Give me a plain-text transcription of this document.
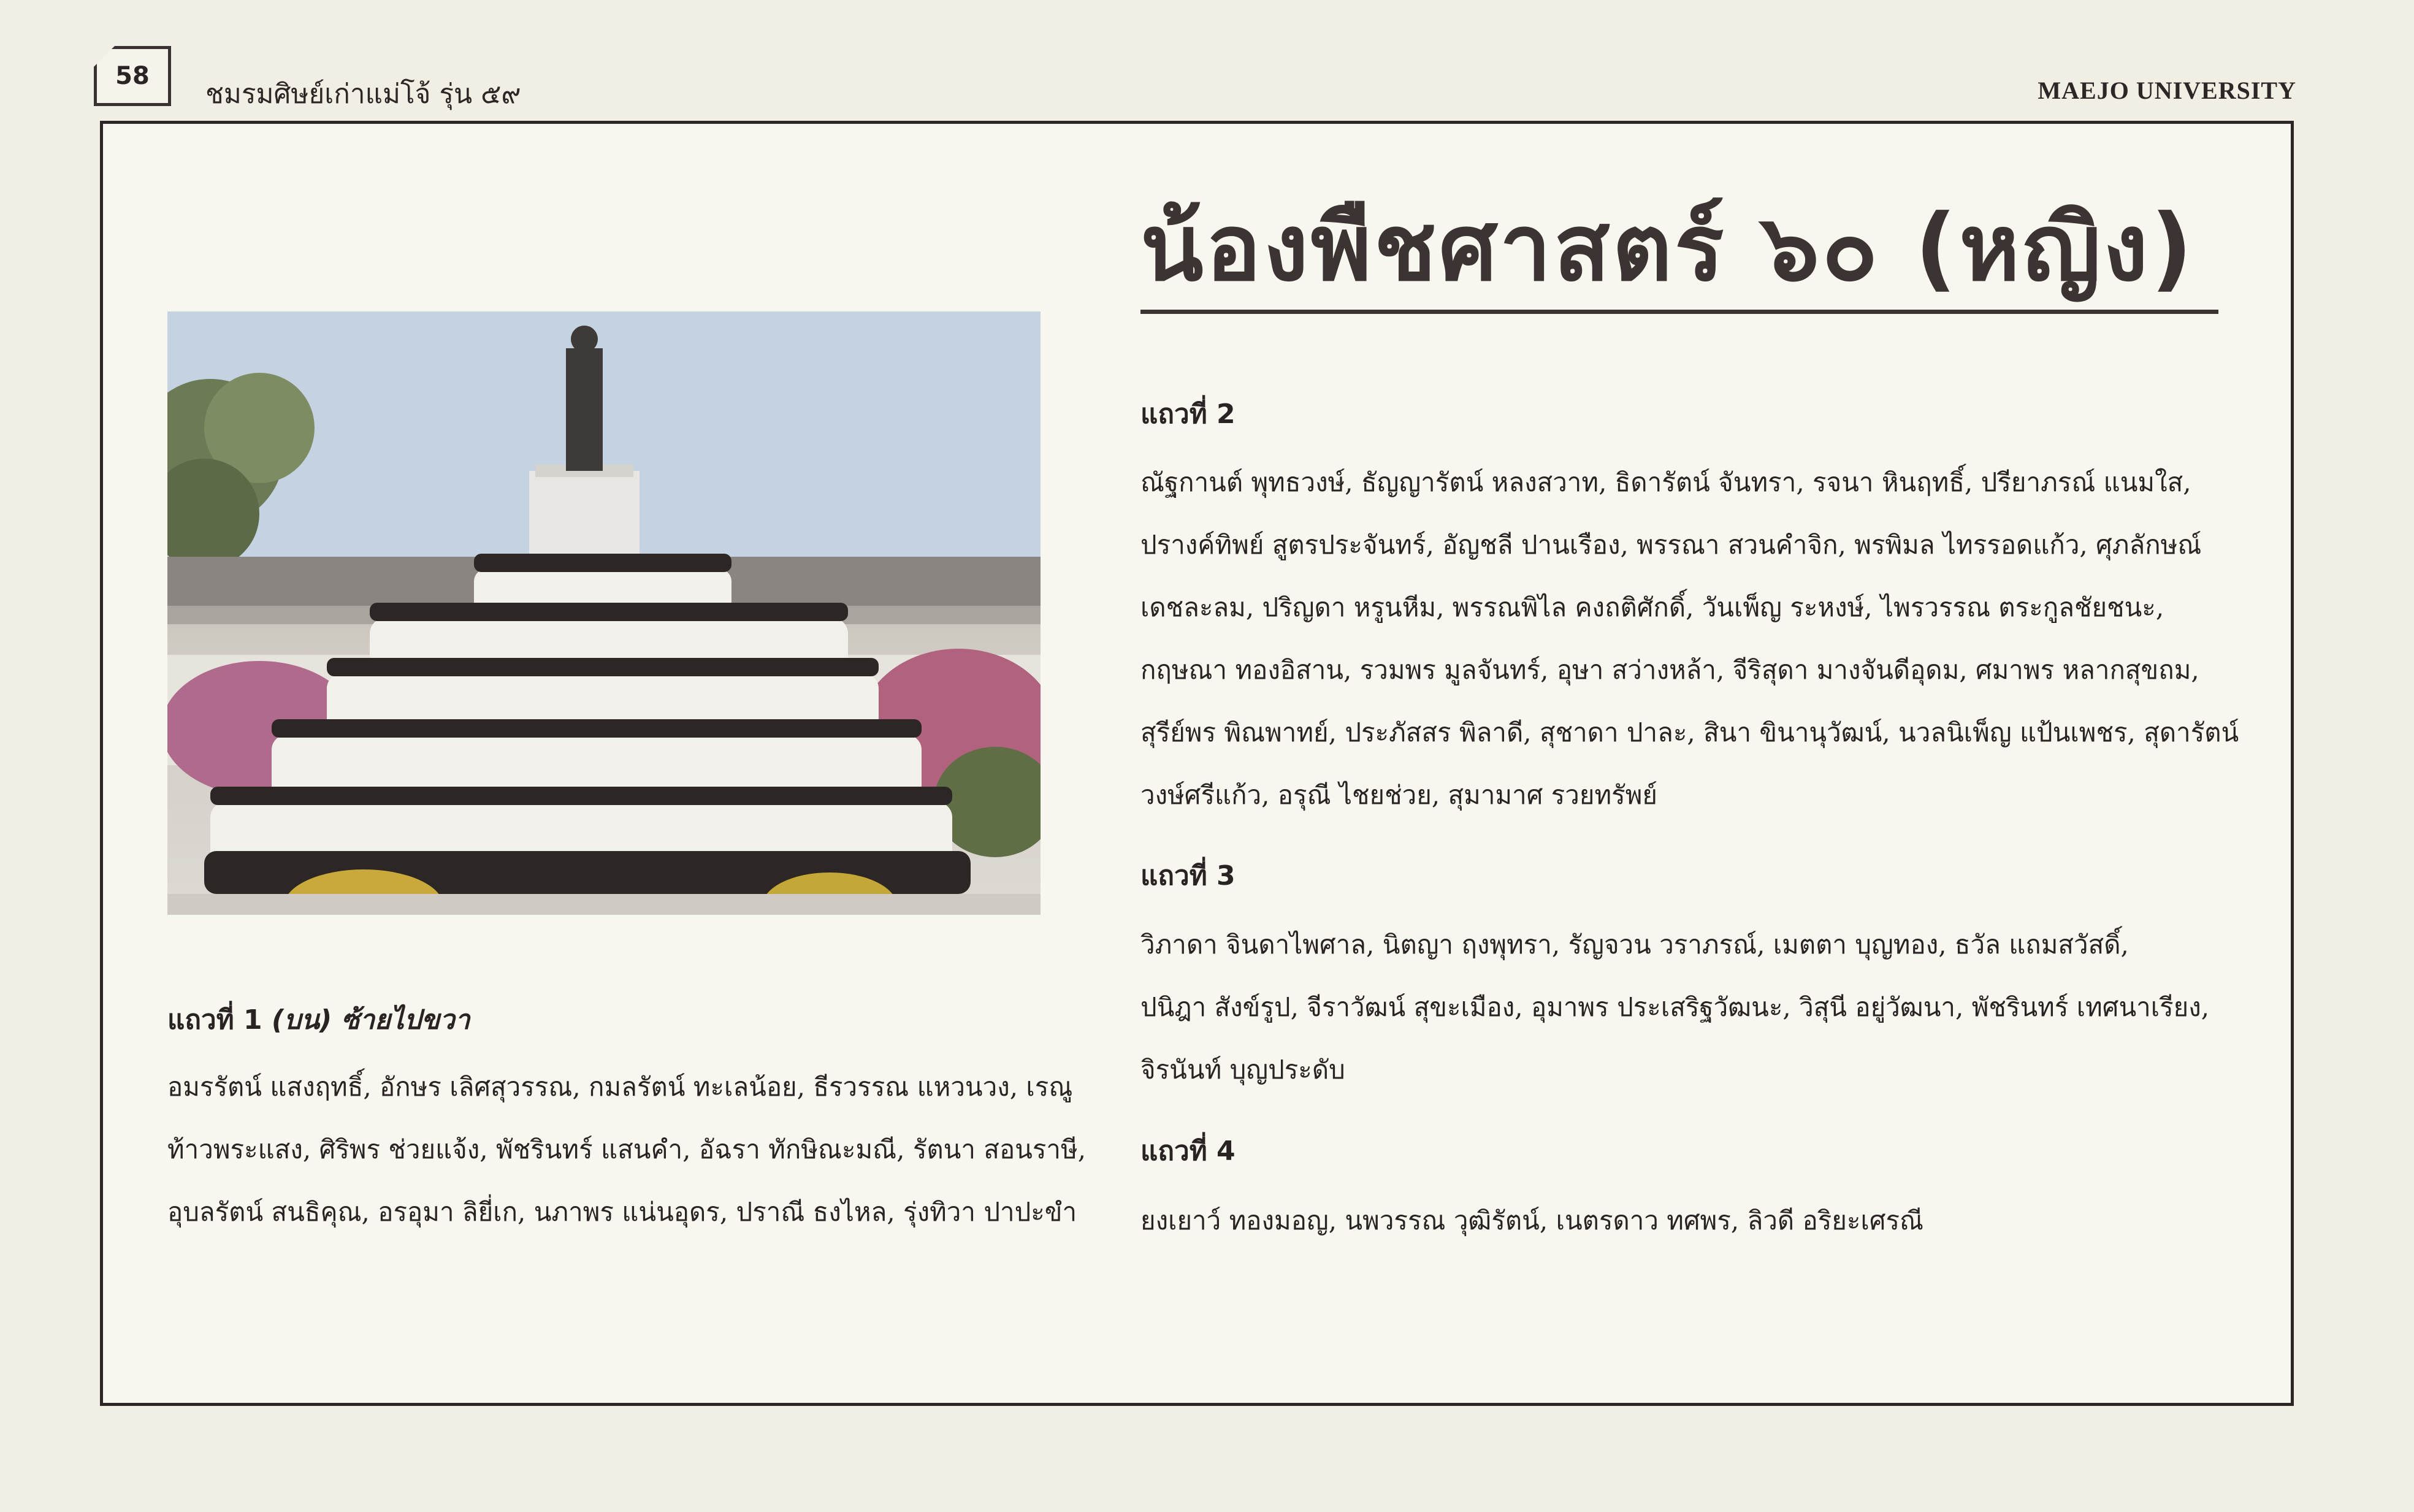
58
ชมรมศิษย์เก่าแม่โจ้ รุ่น ๕๙	MAEJO UNIVERSITY
น้องพืชศาสตร์ ๖๐ (หญิง)
แถวที่ 1 (บน) ซ้ายไปขวา
อมรรัตน์ แสงฤทธิ์, อักษร เลิศสุวรรณ, กมลรัตน์ ทะเลน้อย, ธีรวรรณ แหวนวง, เรณู
ท้าวพระแสง, ศิริพร ช่วยแจ้ง, พัชรินทร์ แสนคำ, อัฉรา ทักษิณะมณี, รัตนา สอนราษี,
อุบลรัตน์ สนธิคุณ, อรอุมา ลิยี่เก, นภาพร แน่นอุดร, ปราณี ธงไหล, รุ่งทิวา ปาปะขำ
แถวที่ 2
ณัฐกานต์ พุทธวงษ์, ธัญญารัตน์ หลงสวาท, ธิดารัตน์ จันทรา, รจนา หินฤทธิ์, ปรียาภรณ์ แนมใส,
ปรางค์ทิพย์ สูตรประจันทร์, อัญชลี ปานเรือง, พรรณา สวนคำจิก, พรพิมล ไทรรอดแก้ว, ศุภลักษณ์
เดชละลม, ปริญดา หรูนหีม, พรรณพิไล คงถติศักดิ์, วันเพ็ญ ระหงษ์, ไพรวรรณ ตระกูลชัยชนะ,
กฤษณา ทองอิสาน, รวมพร มูลจันทร์, อุษา สว่างหล้า, จีริสุดา มางจันดีอุดม, ศมาพร หลากสุขถม,
สุรีย์พร พิณพาทย์, ประภัสสร พิลาดี, สุชาดา ปาละ, สินา ขินานุวัฒน์, นวลนิเพ็ญ แป้นเพชร, สุดารัตน์
วงษ์ศรีแก้ว, อรุณี ไชยช่วย, สุมามาศ รวยทรัพย์
แถวที่ 3
วิภาดา จินดาไพศาล, นิตญา ฤงพุทรา, รัญจวน วราภรณ์, เมตตา บุญทอง, ธวัล แถมสวัสดิ์,
ปนิฎา สังข์รูป, จีราวัฒน์ สุขะเมือง, อุมาพร ประเสริฐวัฒนะ, วิสุนี อยู่วัฒนา, พัชรินทร์ เทศนาเรียง,
จิรนันท์ บุญประดับ
แถวที่ 4
ยงเยาว์ ทองมอญ, นพวรรณ วุฒิรัตน์, เนตรดาว ทศพร, ลิวดี อริยะเศรณี
